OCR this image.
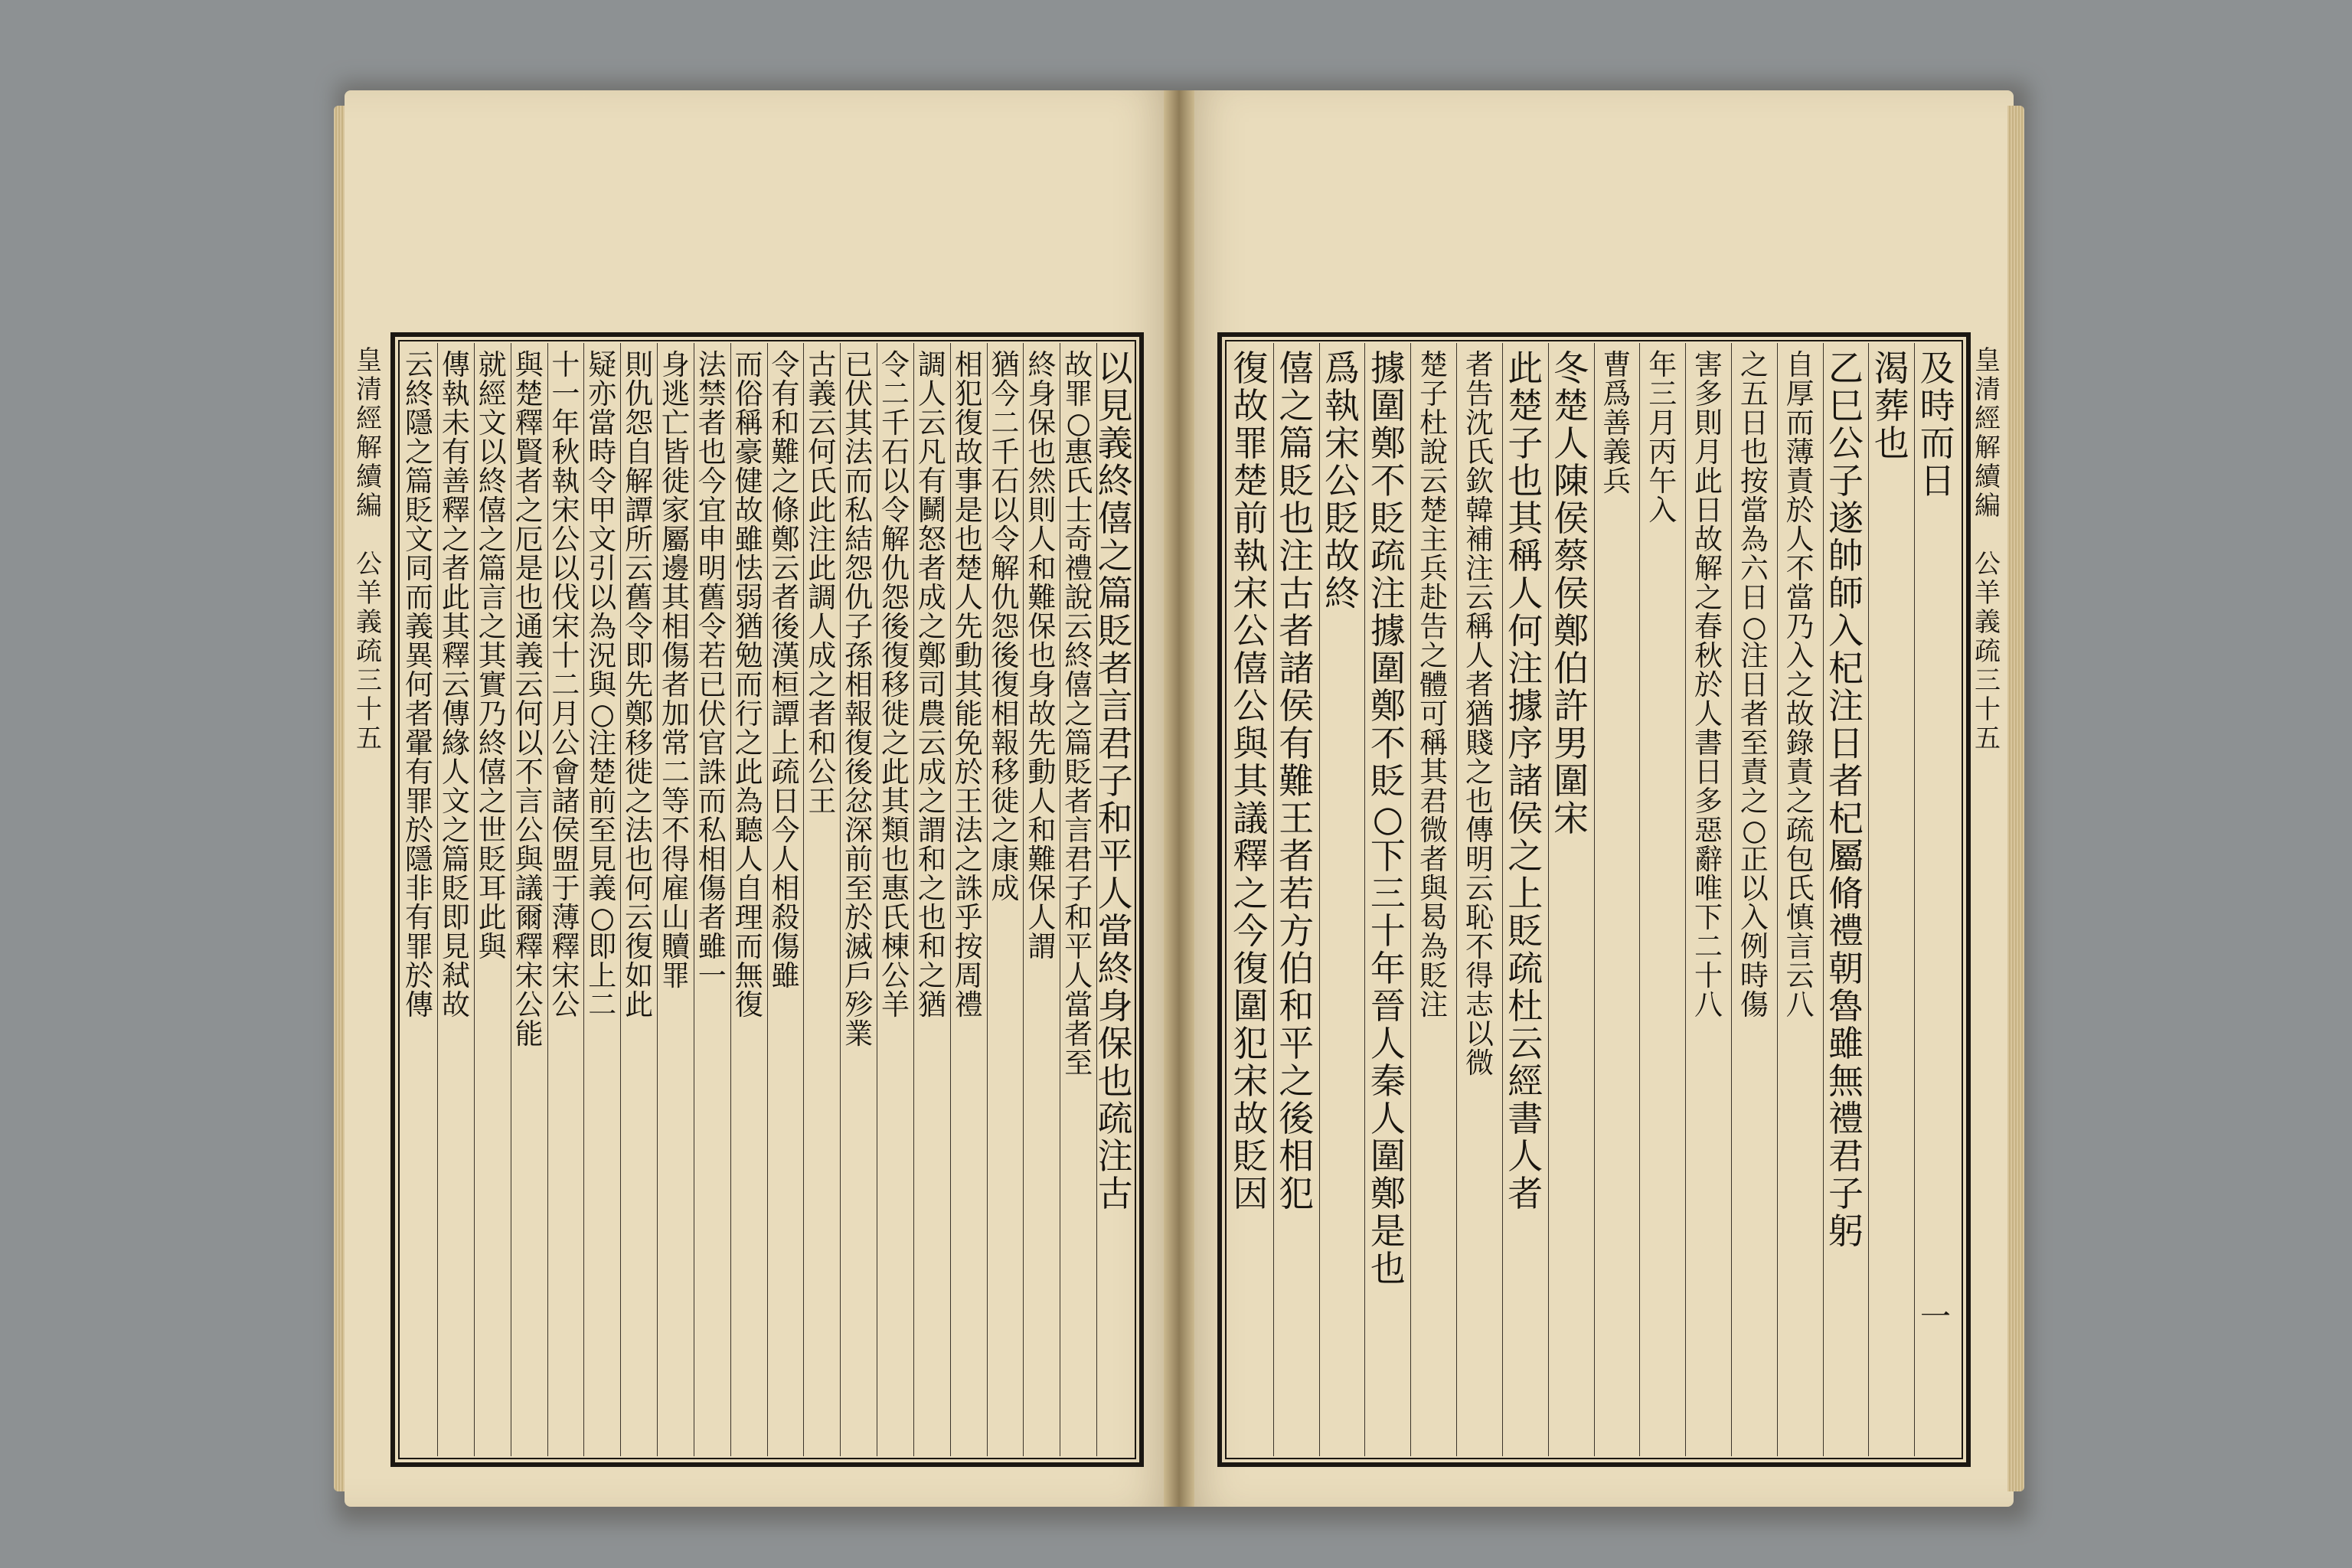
皇
清
經
解
續
編

公
羊
義
疏
三
十
五
以
見
義
終
僖
之
篇
貶
者
言
君
子
和
平
人
當
終
身
保
也
疏
注
古
故
罪
○
惠
氏
士
奇
禮
說
云
終
僖
之
篇
貶
者
言
君
子
和
平
人
當
者
至
終
身
保
也
然
則
人
和
難
保
也
身
故
先
動
人
和
難
保
人
謂
猶
今
二
千
石
以
令
解
仇
怨
後
復
相
報
移
徙
之
康
成
相
犯
復
故
事
是
也
楚
人
先
動
其
能
免
於
王
法
之
誅
乎
按
周
禮
調
人
云
凡
有
鬭
怒
者
成
之
鄭
司
農
云
成
之
謂
和
之
也
和
之
猶
令
二
千
石
以
令
解
仇
怨
後
復
移
徙
之
此
其
類
也
惠
氏
棟
公
羊
已
伏
其
法
而
私
結
怨
仇
子
孫
相
報
復
後
忿
深
前
至
於
滅
戶
殄
業
古
義
云
何
氏
此
注
此
調
人
成
之
者
和
公
王
令
有
和
難
之
條
鄭
云
者
後
漢
桓
譚
上
疏
日
今
人
相
殺
傷
雖
而
俗
稱
豪
健
故
雖
怯
弱
猶
勉
而
行
之
此
為
聽
人
自
理
而
無
復
法
禁
者
也
今
宜
申
明
舊
令
若
已
伏
官
誅
而
私
相
傷
者
雖
一
身
逃
亡
皆
徙
家
屬
邊
其
相
傷
者
加
常
二
等
不
得
雇
山
贖
罪
則
仇
怨
自
解
譚
所
云
舊
令
即
先
鄭
移
徙
之
法
也
何
云
復
如
此
疑
亦
當
時
令
甲
文
引
以
為
況
與
○
注
楚
前
至
見
義
○
即
上
二
十
一
年
秋
執
宋
公
以
伐
宋
十
二
月
公
會
諸
侯
盟
于
薄
釋
宋
公
與
楚
釋
賢
者
之
厄
是
也
通
義
云
何
以
不
言
公
與
議
爾
釋
宋
公
能
就
經
文
以
終
僖
之
篇
言
之
其
實
乃
終
僖
之
世
貶
耳
此
與
傳
執
未
有
善
釋
之
者
此
其
釋
云
傳
緣
人
文
之
篇
貶
即
見
弒
故
云
終
隱
之
篇
貶
文
同
而
義
異
何
者
翬
有
罪
於
隱
非
有
罪
於
傳
及
時
而
日
渴
葬
也
乙
巳
公
子
遂
帥
師
入
杞
注
日
者
杞
屬
脩
禮
朝
魯
雖
無
禮
君
子
躬
自
厚
而
薄
責
於
人
不
當
乃
入
之
故
錄
責
之
疏
包
氏
慎
言
云
八
之
五
日
也
按
當
為
六
日
○
注
日
者
至
責
之
○
正
以
入
例
時
傷
害
多
則
月
此
日
故
解
之
春
秋
於
人
書
日
多
惡
辭
唯
下
二
十
八
年
三
月
丙
午
入
曹
爲
善
義
兵
冬
楚
人
陳
侯
蔡
侯
鄭
伯
許
男
圍
宋
此
楚
子
也
其
稱
人
何
注
據
序
諸
侯
之
上
貶
疏
杜
云
經
書
人
者
者
告
沈
氏
欽
韓
補
注
云
稱
人
者
猶
賤
之
也
傳
明
云
恥
不
得
志
以
微
楚
子
杜
說
云
楚
主
兵
赴
告
之
體
可
稱
其
君
微
者
與
曷
為
貶
注
據
圍
鄭
不
貶
疏
注
據
圍
鄭
不
貶
○
下
三
十
年
晉
人
秦
人
圍
鄭
是
也
爲
執
宋
公
貶
故
終
僖
之
篇
貶
也
注
古
者
諸
侯
有
難
王
者
若
方
伯
和
平
之
後
相
犯
復
故
罪
楚
前
執
宋
公
僖
公
與
其
議
釋
之
今
復
圍
犯
宋
故
貶
因
皇
清
經
解
續
編

公
羊
義
疏
三
十
五
一
